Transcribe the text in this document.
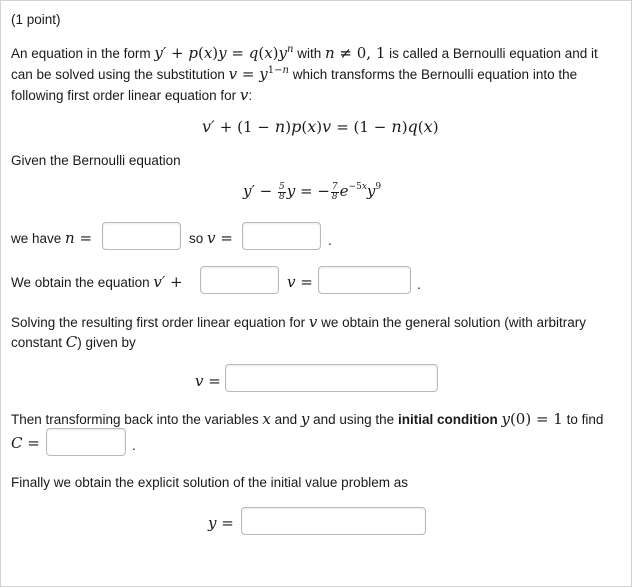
(1 point)
An equation in the form $y' + p(x)y = q(x)y^n$ with n ≠ 0, 1 is called a Bernoulli equation and it
can be solved using the substitution $v = y^{1-n}$ which transforms the Bernoulli equation into the
following first order linear equation for v:
v′ + (1 − n)p(x)v = (1 − n)q(x)
Given the Bernoulli equation
$y' - \frac{5}{8}$ y = − $\frac{7}{8} e^{-5x}y^9$
we have n =	so v =	.
We obtain the equation v′ +	v =	.
Solving the resulting first order linear equation for v we obtain the general solution (with arbitrary
constant C) given by
v =
Then transforming back into the variables x and y and using the initial condition y(0) = 1 to find
C =	.
Finally we obtain the explicit solution of the initial value problem as
y =
